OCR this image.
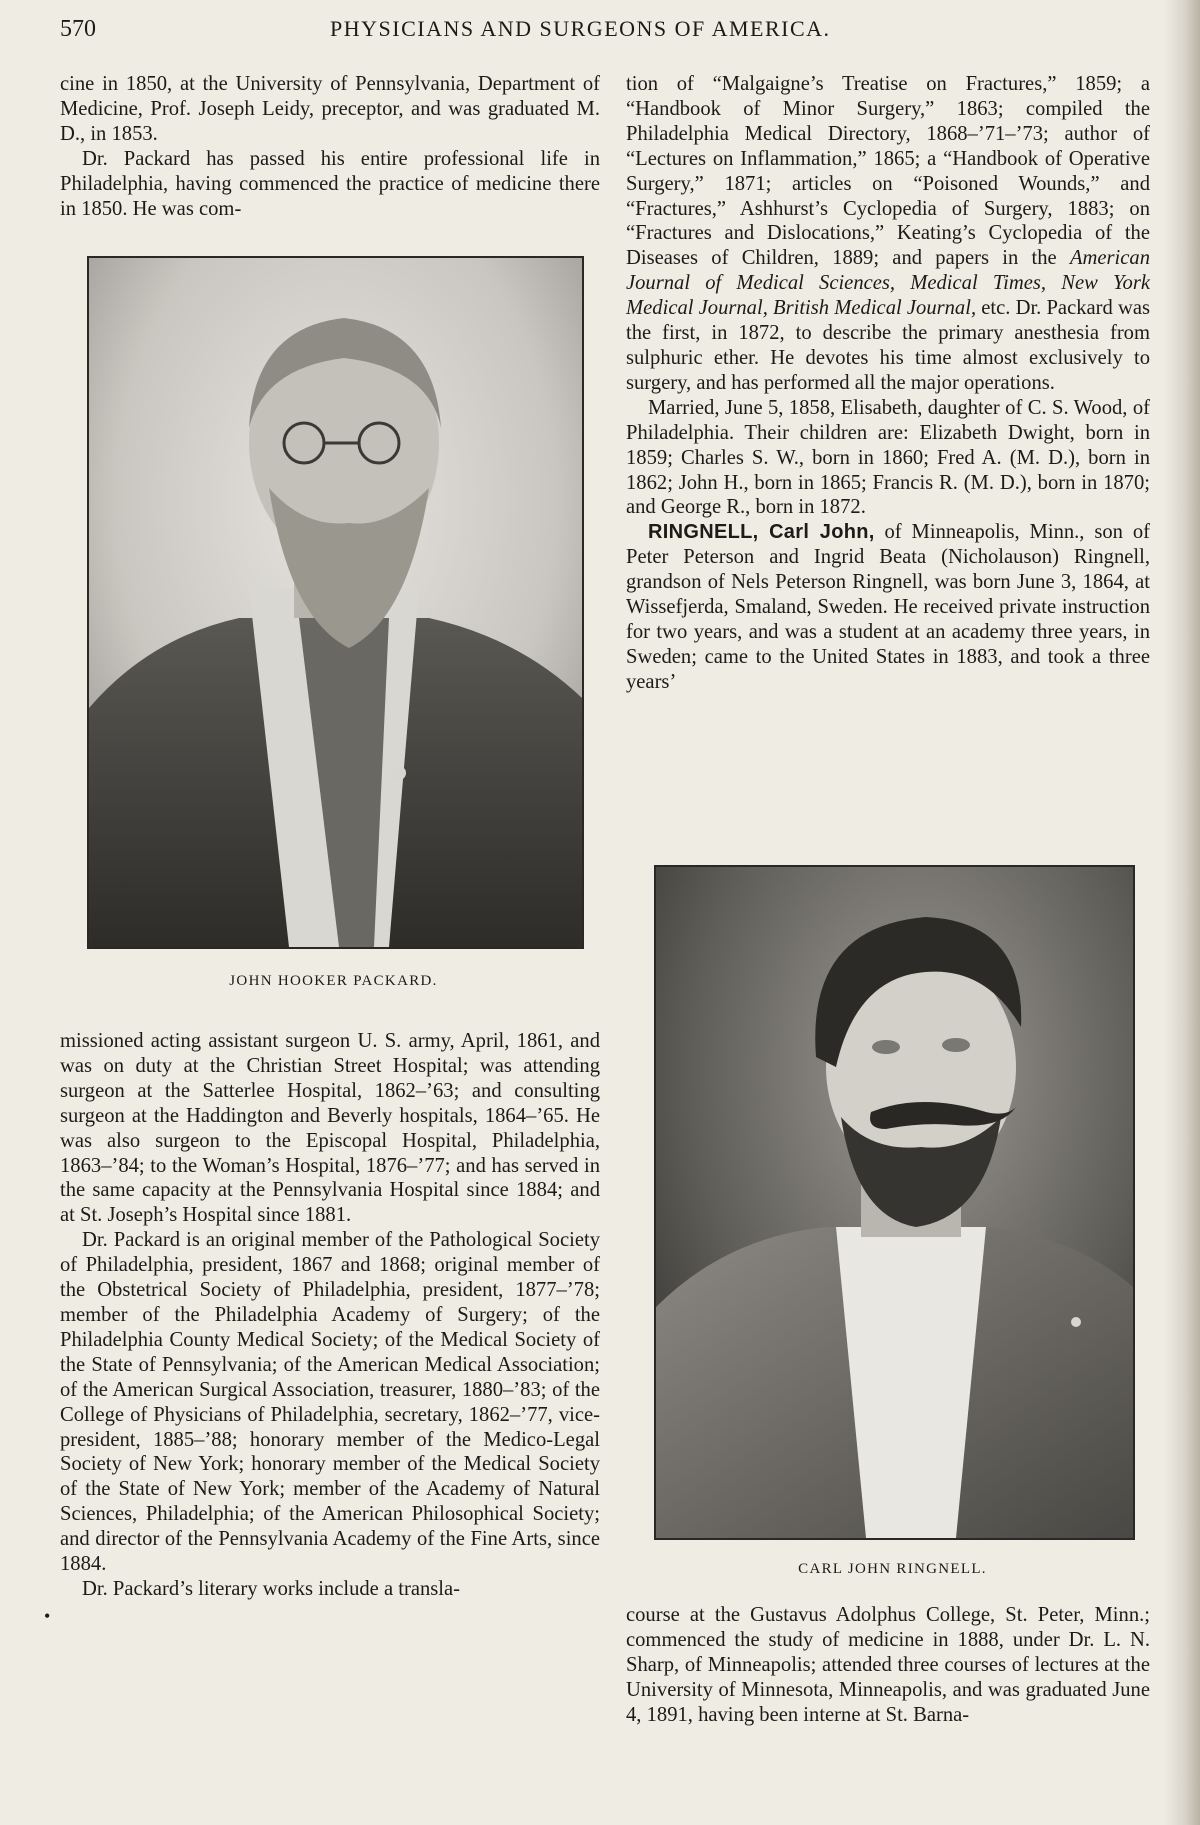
570	PHYSICIANS AND SURGEONS OF AMERICA.

cine in 1850, at the University of Pennsylvania, Department of Medicine, Prof. Joseph Leidy, preceptor, and was graduated M. D., in 1853.

Dr. Packard has passed his entire professional life in Philadelphia, having commenced the practice of medicine there in 1850. He was com-

JOHN HOOKER PACKARD.

missioned acting assistant surgeon U. S. army, April, 1861, and was on duty at the Christian Street Hospital; was attending surgeon at the Satterlee Hospital, 1862–’63; and consulting surgeon at the Haddington and Beverly hospitals, 1864–’65. He was also surgeon to the Episcopal Hospital, Philadelphia, 1863–’84; to the Woman’s Hospital, 1876–’77; and has served in the same capacity at the Pennsylvania Hospital since 1884; and at St. Joseph’s Hospital since 1881.

Dr. Packard is an original member of the Pathological Society of Philadelphia, president, 1867 and 1868; original member of the Obstetrical Society of Philadelphia, president, 1877–’78; member of the Philadelphia Academy of Surgery; of the Philadelphia County Medical Society; of the Medical Society of the State of Pennsylvania; of the American Medical Association; of the American Surgical Association, treasurer, 1880–’83; of the College of Physicians of Philadelphia, secretary, 1862–’77, vice-president, 1885–’88; honorary member of the Medico-Legal Society of New York; honorary member of the Medical Society of the State of New York; member of the Academy of Natural Sciences, Philadelphia; of the American Philosophical Society; and director of the Pennsylvania Academy of the Fine Arts, since 1884.

Dr. Packard’s literary works include a transla-

•

tion of “Malgaigne’s Treatise on Fractures,” 1859; a “Handbook of Minor Surgery,” 1863; compiled the Philadelphia Medical Directory, 1868–’71–’73; author of “Lectures on Inflammation,” 1865; a “Handbook of Operative Surgery,” 1871; articles on “Poisoned Wounds,” and “Fractures,” Ashhurst’s Cyclopedia of Surgery, 1883; on “Fractures and Dislocations,” Keating’s Cyclopedia of the Diseases of Children, 1889; and papers in the American Journal of Medical Sciences, Medical Times, New York Medical Journal, British Medical Journal, etc. Dr. Packard was the first, in 1872, to describe the primary anesthesia from sulphuric ether. He devotes his time almost exclusively to surgery, and has performed all the major operations.

Married, June 5, 1858, Elisabeth, daughter of C. S. Wood, of Philadelphia. Their children are: Elizabeth Dwight, born in 1859; Charles S. W., born in 1860; Fred A. (M. D.), born in 1862; John H., born in 1865; Francis R. (M. D.), born in 1870; and George R., born in 1872.

RINGNELL, Carl John, of Minneapolis, Minn., son of Peter Peterson and Ingrid Beata (Nicholauson) Ringnell, grandson of Nels Peterson Ringnell, was born June 3, 1864, at Wissefjerda, Smaland, Sweden. He received private instruction for two years, and was a student at an academy three years, in Sweden; came to the United States in 1883, and took a three years’

CARL JOHN RINGNELL.

course at the Gustavus Adolphus College, St. Peter, Minn.; commenced the study of medicine in 1888, under Dr. L. N. Sharp, of Minneapolis; attended three courses of lectures at the University of Minnesota, Minneapolis, and was graduated June 4, 1891, having been interne at St. Barna-
